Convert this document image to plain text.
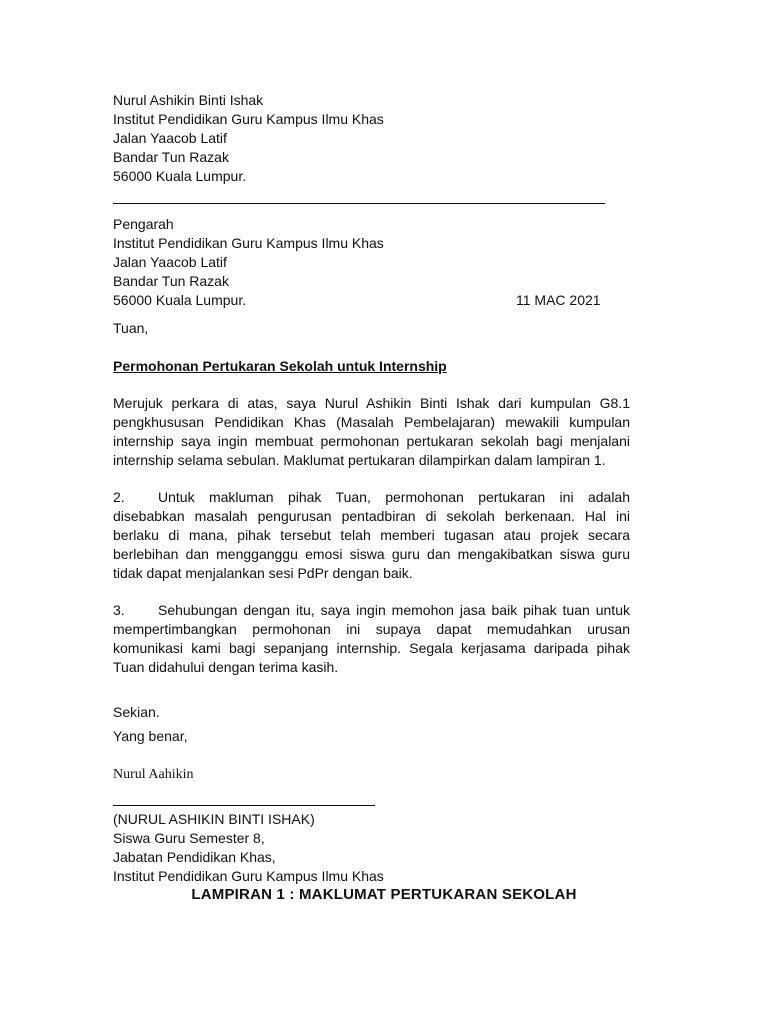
Nurul Ashikin Binti Ishak
Institut Pendidikan Guru Kampus Ilmu Khas
Jalan Yaacob Latif
Bandar Tun Razak
56000 Kuala Lumpur.
Pengarah
Institut Pendidikan Guru Kampus Ilmu Khas
Jalan Yaacob Latif
Bandar Tun Razak
56000 Kuala Lumpur.	11 MAC 2021
Tuan,
Permohonan Pertukaran Sekolah untuk Internship
Merujuk perkara di atas, saya Nurul Ashikin Binti Ishak dari kumpulan G8.1 pengkhususan Pendidikan Khas (Masalah Pembelajaran) mewakili kumpulan internship saya ingin membuat permohonan pertukaran sekolah bagi menjalani internship selama sebulan. Maklumat pertukaran dilampirkan dalam lampiran 1.
2. Untuk makluman pihak Tuan, permohonan pertukaran ini adalah disebabkan masalah pengurusan pentadbiran di sekolah berkenaan. Hal ini berlaku di mana, pihak tersebut telah memberi tugasan atau projek secara berlebihan dan mengganggu emosi siswa guru dan mengakibatkan siswa guru tidak dapat menjalankan sesi PdPr dengan baik.
3. Sehubungan dengan itu, saya ingin memohon jasa baik pihak tuan untuk mempertimbangkan permohonan ini supaya dapat memudahkan urusan komunikasi kami bagi sepanjang internship. Segala kerjasama daripada pihak Tuan didahului dengan terima kasih.
Sekian.
Yang benar,
Nurul Aahikin
(NURUL ASHIKIN BINTI ISHAK)
Siswa Guru Semester 8,
Jabatan Pendidikan Khas,
Institut Pendidikan Guru Kampus Ilmu Khas
LAMPIRAN 1 : MAKLUMAT PERTUKARAN SEKOLAH
